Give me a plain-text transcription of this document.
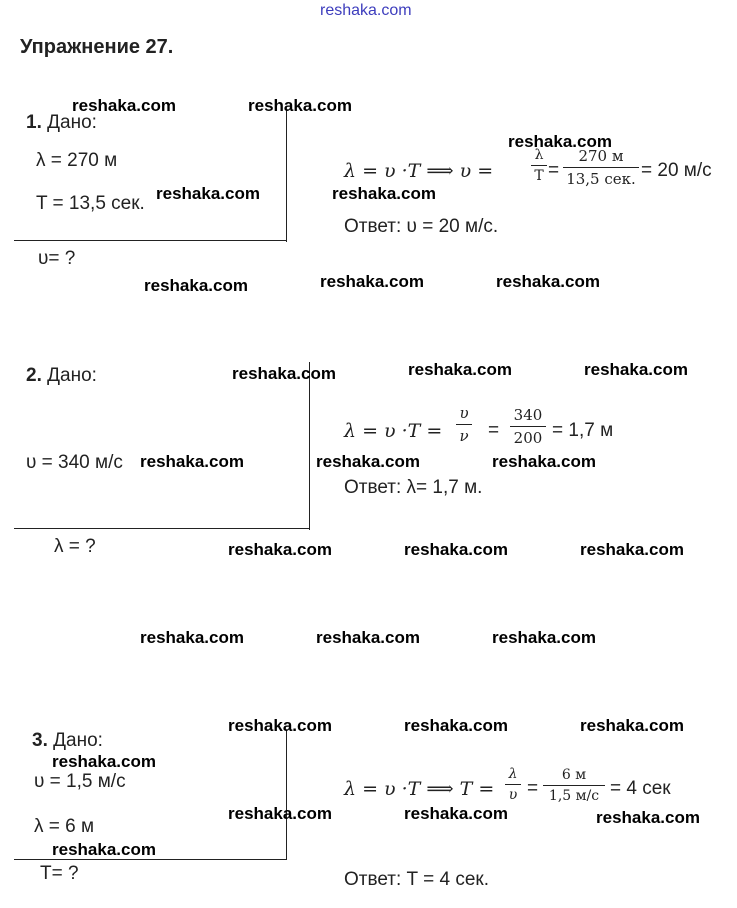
reshaka.com
Упражнение 27.
1. Дано:
λ = 270 м
T = 13,5 сек.
υ= ?
λ = υ ·T ⟹ υ =
λ
T =
270 м
13,5 сек. = 20 м/с
Ответ: υ = 20 м/с.
2. Дано:
υ = 340 м/с
λ = ?
λ = υ ·T =
υ
ν =
340
200 = 1,7 м
Ответ: λ= 1,7 м.
3. Дано:
υ = 1,5 м/с
λ = 6 м
T= ?
λ = υ ·T ⟹ T =
λ
υ =
6 м
1,5 м/с = 4 сек
Ответ: T = 4 сек.
reshaka.com	reshaka.com
reshaka.com
reshaka.com	reshaka.com
reshaka.com	reshaka.com	reshaka.com
reshaka.com	reshaka.com	reshaka.com
reshaka.com	reshaka.com	reshaka.com
reshaka.com	reshaka.com	reshaka.com
reshaka.com	reshaka.com	reshaka.com
reshaka.com	reshaka.com	reshaka.com
reshaka.com
reshaka.com	reshaka.com	reshaka.com
reshaka.com
